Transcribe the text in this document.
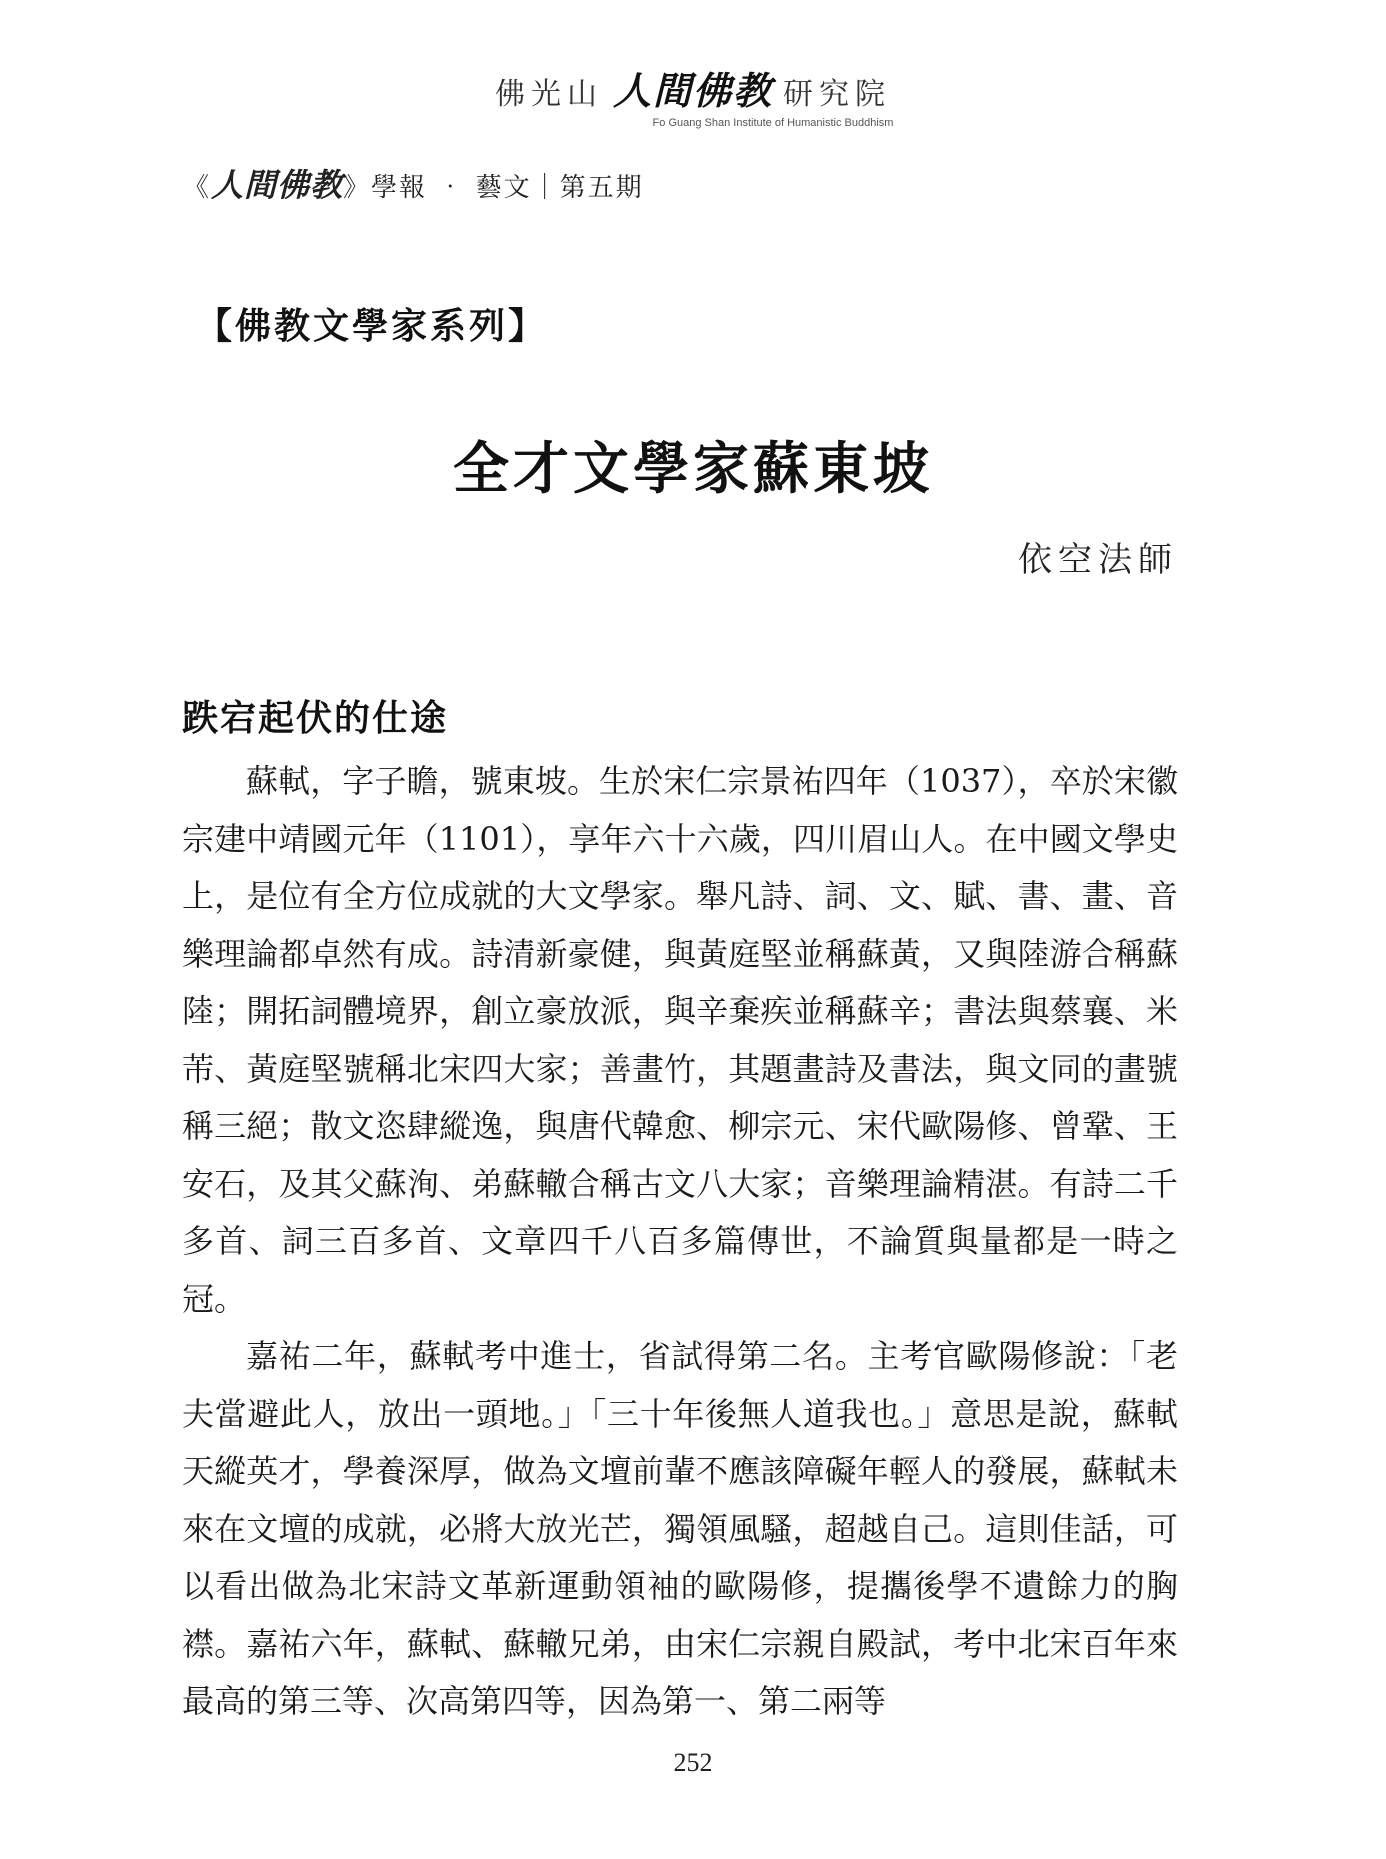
佛光山 人間佛教 研究院
Fo Guang Shan Institute of Humanistic Buddhism
《 人間佛教 》 學報 ‧ 藝文｜第五期
【佛教文學家系列】
全才文學家蘇東坡
依空法師
跌宕起伏的仕途

蘇軾，字子瞻，號東坡。生於宋仁宗景祐四年（1037），卒於宋徽宗建中靖國元年（1101），享年六十六歲，四川眉山人。在中國文學史上，是位有全方位成就的大文學家。舉凡詩、詞、文、賦、書、畫、音樂理論都卓然有成。詩清新豪健，與黃庭堅並稱蘇黃，又與陸游合稱蘇陸；開拓詞體境界，創立豪放派，與辛棄疾並稱蘇辛；書法與蔡襄、米芾、黃庭堅號稱北宋四大家；善畫竹，其題畫詩及書法，與文同的畫號稱三絕；散文恣肆縱逸，與唐代韓愈、柳宗元、宋代歐陽修、曾鞏、王安石，及其父蘇洵、弟蘇轍合稱古文八大家；音樂理論精湛。有詩二千多首、詞三百多首、文章四千八百多篇傳世，不論質與量都是一時之冠。

嘉祐二年，蘇軾考中進士，省試得第二名。主考官歐陽修說：「老夫當避此人，放出一頭地。」「三十年後無人道我也。」意思是說，蘇軾天縱英才，學養深厚，做為文壇前輩不應該障礙年輕人的發展，蘇軾未來在文壇的成就，必將大放光芒，獨領風騷，超越自己。這則佳話，可以看出做為北宋詩文革新運動領袖的歐陽修，提攜後學不遺餘力的胸襟。嘉祐六年，蘇軾、蘇轍兄弟，由宋仁宗親自殿試，考中北宋百年來最高的第三等、次高第四等，因為第一、第二兩等

252
